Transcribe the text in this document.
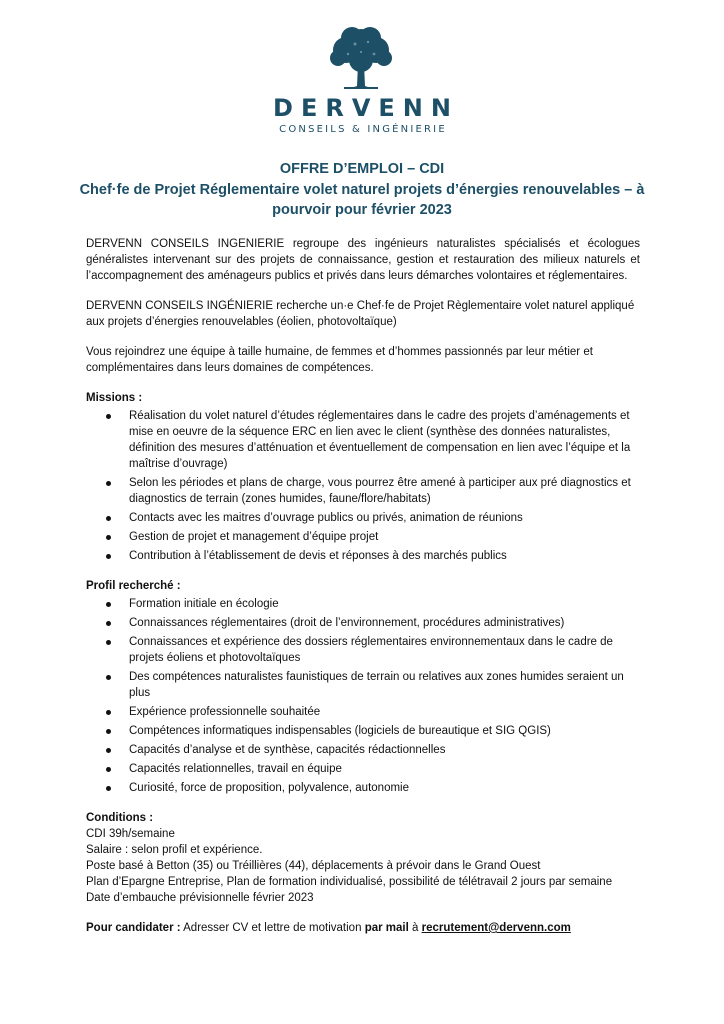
DERVENN
CONSEILS & INGÉNIERIE
OFFRE D’EMPLOI – CDI
Chef·fe de Projet Réglementaire volet naturel projets d’énergies renouvelables – à pourvoir pour février 2023

DERVENN CONSEILS INGENIERIE regroupe des ingénieurs naturalistes spécialisés et écologues généralistes intervenant sur des projets de connaissance, gestion et restauration des milieux naturels et l’accompagnement des aménageurs publics et privés dans leurs démarches volontaires et réglementaires.

DERVENN CONSEILS INGÉNIERIE recherche un·e Chef·fe de Projet Règlementaire volet naturel appliqué aux projets d’énergies renouvelables (éolien, photovoltaïque)

Vous rejoindrez une équipe à taille humaine, de femmes et d’hommes passionnés par leur métier et complémentaires dans leurs domaines de compétences.

Missions :

Réalisation du volet naturel d’études réglementaires dans le cadre des projets d’aménagements et mise en oeuvre de la séquence ERC en lien avec le client (synthèse des données naturalistes, définition des mesures d’atténuation et éventuellement de compensation en lien avec l’équipe et la maîtrise d’ouvrage)
Selon les périodes et plans de charge, vous pourrez être amené à participer aux pré diagnostics et diagnostics de terrain (zones humides, faune/flore/habitats)
Contacts avec les maitres d’ouvrage publics ou privés, animation de réunions
Gestion de projet et management d’équipe projet
Contribution à l’établissement de devis et réponses à des marchés publics

Profil recherché :

Formation initiale en écologie
Connaissances réglementaires (droit de l’environnement, procédures administratives)
Connaissances et expérience des dossiers réglementaires environnementaux dans le cadre de projets éoliens et photovoltaïques
Des compétences naturalistes faunistiques de terrain ou relatives aux zones humides seraient un plus
Expérience professionnelle souhaitée
Compétences informatiques indispensables (logiciels de bureautique et SIG QGIS)
Capacités d’analyse et de synthèse, capacités rédactionnelles
Capacités relationnelles, travail en équipe
Curiosité, force de proposition, polyvalence, autonomie

Conditions :

CDI 39h/semaine

Salaire : selon profil et expérience.

Poste basé à Betton (35) ou Tréillières (44), déplacements à prévoir dans le Grand Ouest

Plan d’Epargne Entreprise, Plan de formation individualisé, possibilité de télétravail 2 jours par semaine

Date d’embauche prévisionnelle février 2023

Pour candidater : Adresser CV et lettre de motivation par mail à recrutement@dervenn.com
